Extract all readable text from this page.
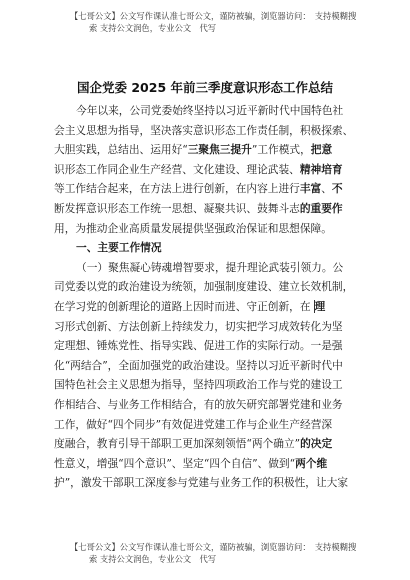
【七哥公文】公文写作课认准七哥公文，谨防被骗，浏览器访问：　支持模糊搜
索 支持公文润色，专业公文　代写
国企党委 2025 年前三季度意识形态工作总结
今年以来，公司党委始终坚持以习近平新时代中国特色社
会主义思想为指导，坚决落实意识形态工作责任制，积极探索、
大胆实践，总结出、运用好“三聚焦三提升”工作模式，把意
识形态工作同企业生产经营、文化建设、理论武装、精神培育
等工作结合起来，在方法上进行创新，在内容上进行丰富、不
断发挥意识形态工作统一思想、凝聚共识、鼓舞斗志的重要作
用，为推动企业高质量发展提供坚强政治保证和思想保障。
一、主要工作情况
（一）聚焦凝心铸魂增智要求，提升理论武装引领力。公
司党委以党的政治建设为统领，加强制度建设、建立长效机制，
在学习党的创新理论的道路上因时而进、守正创新，在 理
习形式创新、方法创新上持续发力，切实把学习成效转化为坚
定理想、锤炼党性、指导实践、促进工作的实际行动。一是强
化“两结合”，全面加强党的政治建设。坚持以习近平新时代中
国特色社会主义思想为指导，坚持四项政治工作与党的建设工
作相结合、与业务工作相结合，有的放矢研究部署党建和业务
工作，做好“四个同步”有效促进党建工作与企业生产经营深
度融合，教育引导干部职工更加深刻领悟“两个确立”的决定
性意义，增强“四个意识”、坚定“四个自信”、做到“两个维
护”，激发干部职工深度参与党建与业务工作的积极性，让大家
【七哥公文】公文写作课认准七哥公文，谨防被骗，浏览器访问：　支持模糊搜
索 支持公文润色，专业公文　代写
